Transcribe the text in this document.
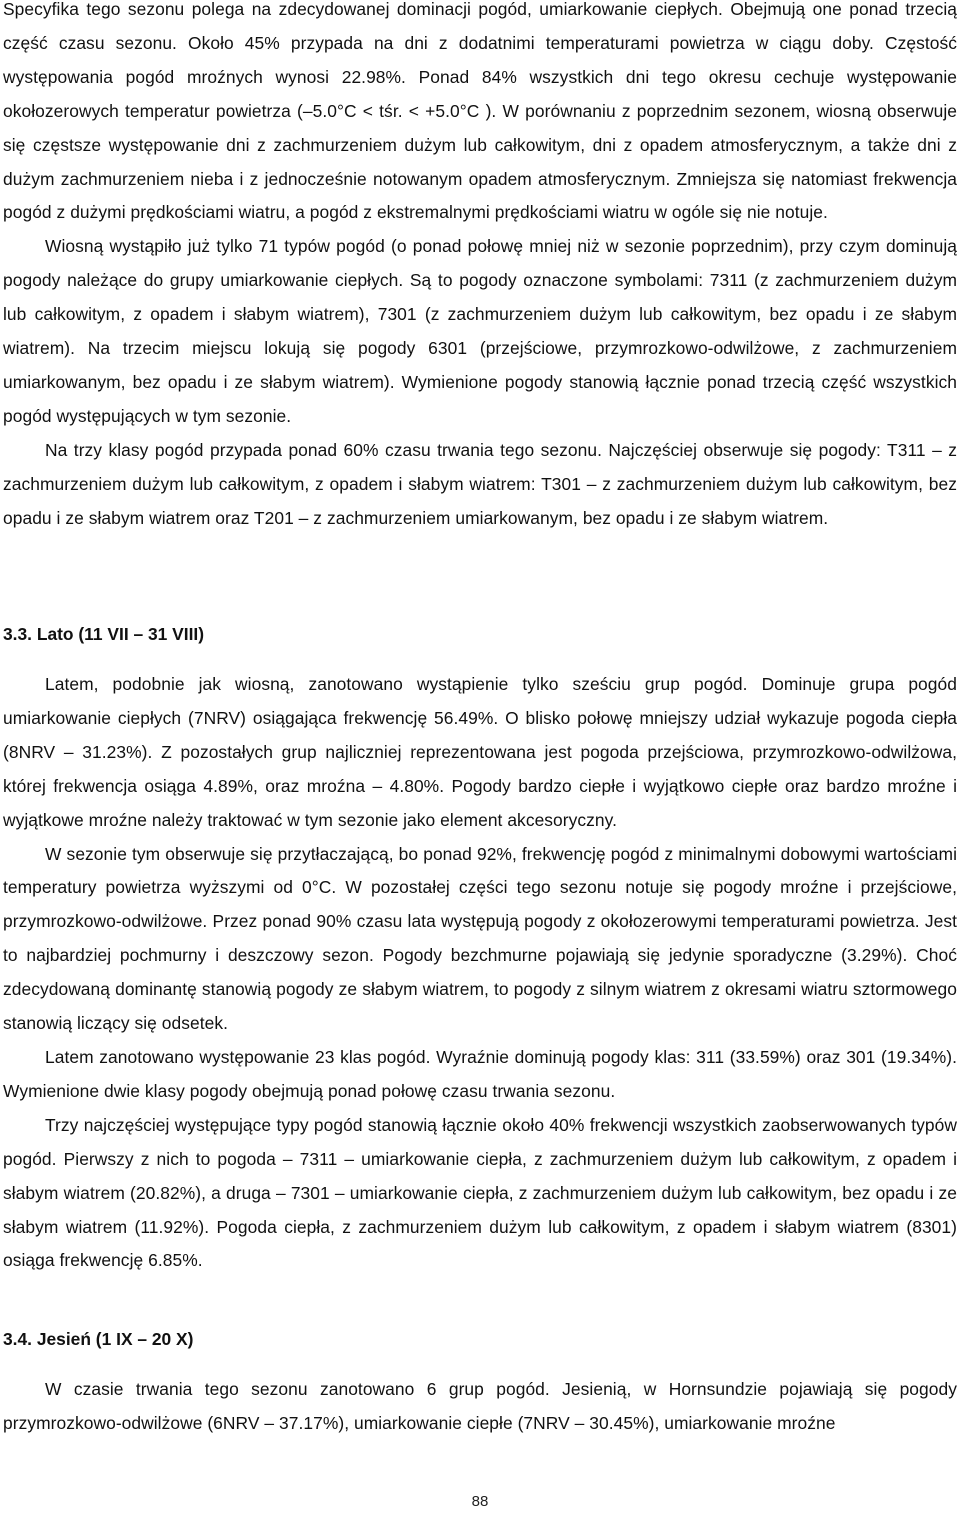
Specyfika tego sezonu polega na zdecydowanej dominacji pogód, umiarkowanie ciepłych. Obejmują one ponad trzecią część czasu sezonu. Około 45% przypada na dni z dodatnimi temperaturami powietrza w ciągu doby. Częstość występowania pogód mroźnych wynosi 22.98%. Ponad 84% wszystkich dni tego okresu cechuje występowanie okołozerowych temperatur powietrza (–5.0°C < tśr. < +5.0°C ). W porównaniu z poprzednim sezonem, wiosną obserwuje się częstsze występowanie dni z zachmurzeniem dużym lub całkowitym, dni z opadem atmosferycznym, a także dni z dużym zachmurzeniem nieba i z jednocześnie notowanym opadem atmosferycznym. Zmniejsza się natomiast frekwencja pogód z dużymi prędkościami wiatru, a pogód z ekstremalnymi prędkościami wiatru w ogóle się nie notuje.

Wiosną wystąpiło już tylko 71 typów pogód (o ponad połowę mniej niż w sezonie poprzednim), przy czym dominują pogody należące do grupy umiarkowanie ciepłych. Są to pogody oznaczone symbolami: 7311 (z zachmurzeniem dużym lub całkowitym, z opadem i słabym wiatrem), 7301 (z zachmurzeniem dużym lub całkowitym, bez opadu i ze słabym wiatrem). Na trzecim miejscu lokują się pogody 6301 (przejściowe, przymrozkowo-odwilżowe, z zachmurzeniem umiarkowanym, bez opadu i ze słabym wiatrem). Wymienione pogody stanowią łącznie ponad trzecią część wszystkich pogód występujących w tym sezonie.

Na trzy klasy pogód przypada ponad 60% czasu trwania tego sezonu. Najczęściej obserwuje się pogody: T311 – z zachmurzeniem dużym lub całkowitym, z opadem i słabym wiatrem: T301 – z zachmurzeniem dużym lub całkowitym, bez opadu i ze słabym wiatrem oraz T201 – z zachmurzeniem umiarkowanym, bez opadu i ze słabym wiatrem.

3.3. Lato (11 VII – 31 VIII)

Latem, podobnie jak wiosną, zanotowano wystąpienie tylko sześciu grup pogód. Dominuje grupa pogód umiarkowanie ciepłych (7NRV) osiągająca frekwencję 56.49%. O blisko połowę mniejszy udział wykazuje pogoda ciepła (8NRV – 31.23%). Z pozostałych grup najliczniej reprezentowana jest pogoda przejściowa, przymrozkowo-odwilżowa, której frekwencja osiąga 4.89%, oraz mroźna – 4.80%. Pogody bardzo ciepłe i wyjątkowo ciepłe oraz bardzo mroźne i wyjątkowe mroźne należy traktować w tym sezonie jako element akcesoryczny.

W sezonie tym obserwuje się przytłaczającą, bo ponad 92%, frekwencję pogód z minimalnymi dobowymi wartościami temperatury powietrza wyższymi od 0°C. W pozostałej części tego sezonu notuje się pogody mroźne i przejściowe, przymrozkowo-odwilżowe. Przez ponad 90% czasu lata występują pogody z okołozerowymi temperaturami powietrza. Jest to najbardziej pochmurny i deszczowy sezon. Pogody bezchmurne pojawiają się jedynie sporadyczne (3.29%). Choć zdecydowaną dominantę stanowią pogody ze słabym wiatrem, to pogody z silnym wiatrem z okresami wiatru sztormowego stanowią liczący się odsetek.

Latem zanotowano występowanie 23 klas pogód. Wyraźnie dominują pogody klas: 311 (33.59%) oraz 301 (19.34%). Wymienione dwie klasy pogody obejmują ponad połowę czasu trwania sezonu.

Trzy najczęściej występujące typy pogód stanowią łącznie około 40% frekwencji wszystkich zaobserwowanych typów pogód. Pierwszy z nich to pogoda – 7311 – umiarkowanie ciepła, z zachmurzeniem dużym lub całkowitym, z opadem i słabym wiatrem (20.82%), a druga – 7301 – umiarkowanie ciepła, z zachmurzeniem dużym lub całkowitym, bez opadu i ze słabym wiatrem (11.92%). Pogoda ciepła, z zachmurzeniem dużym lub całkowitym, z opadem i słabym wiatrem (8301) osiąga frekwencję 6.85%.

3.4. Jesień (1 IX – 20 X)

W czasie trwania tego sezonu zanotowano 6 grup pogód. Jesienią, w Hornsundzie pojawiają się pogody przymrozkowo-odwilżowe (6NRV – 37.17%), umiarkowanie ciepłe (7NRV – 30.45%), umiarkowanie mroźne

88
